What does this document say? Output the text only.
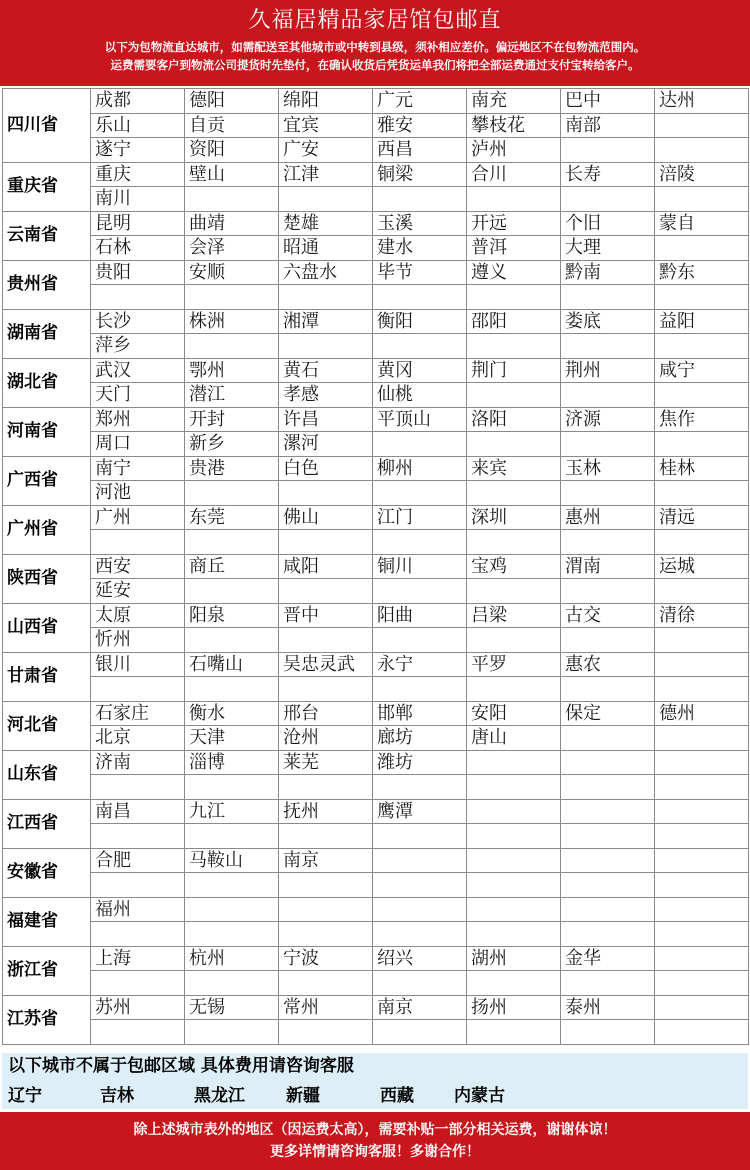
久福居精品家居馆包邮直
以下为包物流直达城市，如需配送至其他城市或中转到县级，须补相应差价。偏远地区不在包物流范围内。
运费需要客户到物流公司提货时先垫付，在确认收货后凭货运单我们将把全部运费通过支付宝转给客户。
四川省	成都	德阳	绵阳	广元	南充	巴中	达州
	乐山	自贡	宜宾	雅安	攀枝花	南部	
	遂宁	资阳	广安	西昌	泸州		
重庆省	重庆	壁山	江津	铜梁	合川	长寿	涪陵
	南川						
云南省	昆明	曲靖	楚雄	玉溪	开远	个旧	蒙自
	石林	会泽	昭通	建水	普洱	大理	
贵州省	贵阳	安顺	六盘水	毕节	遵义	黔南	黔东

湖南省	长沙	株洲	湘潭	衡阳	邵阳	娄底	益阳
	萍乡						
湖北省	武汉	鄂州	黄石	黄冈	荆门	荆州	咸宁
	天门	潜江	孝感	仙桃			
河南省	郑州	开封	许昌	平顶山	洛阳	济源	焦作
	周口	新乡	漯河				
广西省	南宁	贵港	白色	柳州	来宾	玉林	桂林
	河池						
广州省	广州	东莞	佛山	江门	深圳	惠州	清远

陕西省	西安	商丘	咸阳	铜川	宝鸡	渭南	运城
	延安						
山西省	太原	阳泉	晋中	阳曲	吕梁	古交	清徐
	忻州						
甘肃省	银川	石嘴山	吴忠灵武	永宁	平罗	惠农	

河北省	石家庄	衡水	邢台	邯郸	安阳	保定	德州
	北京	天津	沧州	廊坊	唐山		
山东省	济南	淄博	莱芜	潍坊			

江西省	南昌	九江	抚州	鹰潭			

安徽省	合肥	马鞍山	南京				

福建省	福州						

浙江省	上海	杭州	宁波	绍兴	湖州	金华	

江苏省	苏州	无锡	常州	南京	扬州	泰州	

以下城市不属于包邮区域 具体费用请咨询客服
辽宁	吉林	黑龙江 新疆	西藏 内蒙古
除上述城市表外的地区（因运费太高），需要补贴一部分相关运费，谢谢体谅！
更多详情请咨询客服！多谢合作！
